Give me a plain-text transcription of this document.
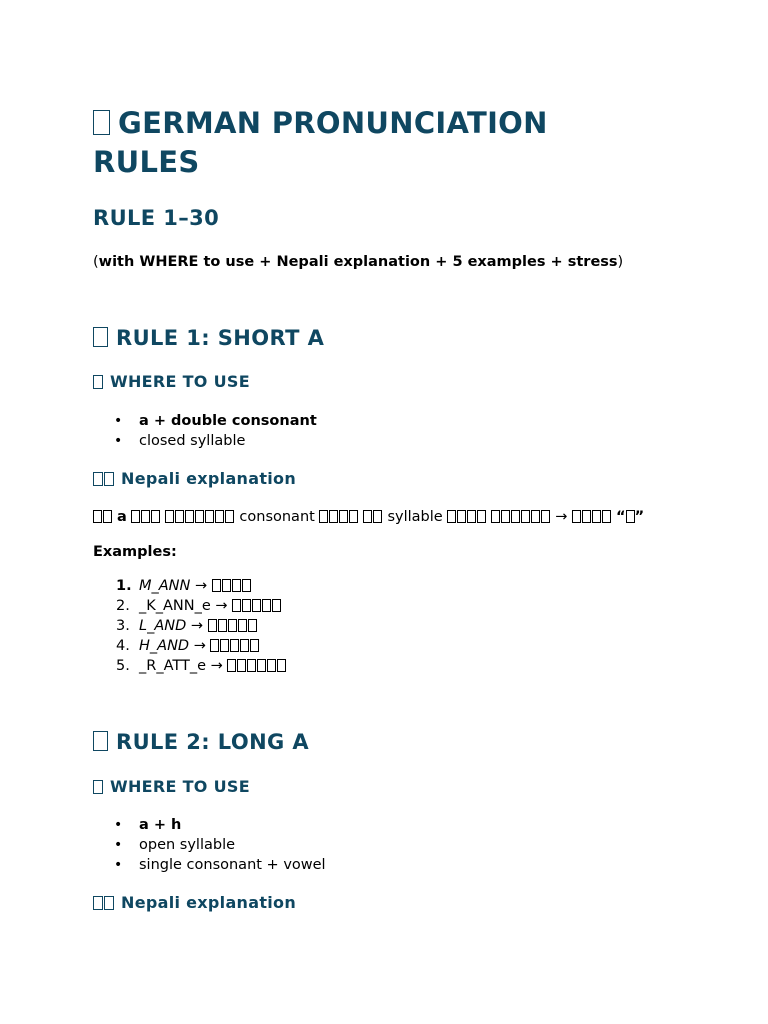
GERMAN PRONUNCIATION RULES
RULE 1–30
(with WHERE to use + Nepali explanation + 5 examples + stress)
RULE 1: SHORT A
WHERE TO USE
• a + double consonant
• closed syllable
Nepali explanation
a	consonant	syllable	→	“ ”
Examples:
1. M_ANN →
2. _K_ANN_e →
3. L_AND →
4. H_AND →
5. _R_ATT_e →
RULE 2: LONG A
WHERE TO USE
• a + h
• open syllable
• single consonant + vowel
Nepali explanation
